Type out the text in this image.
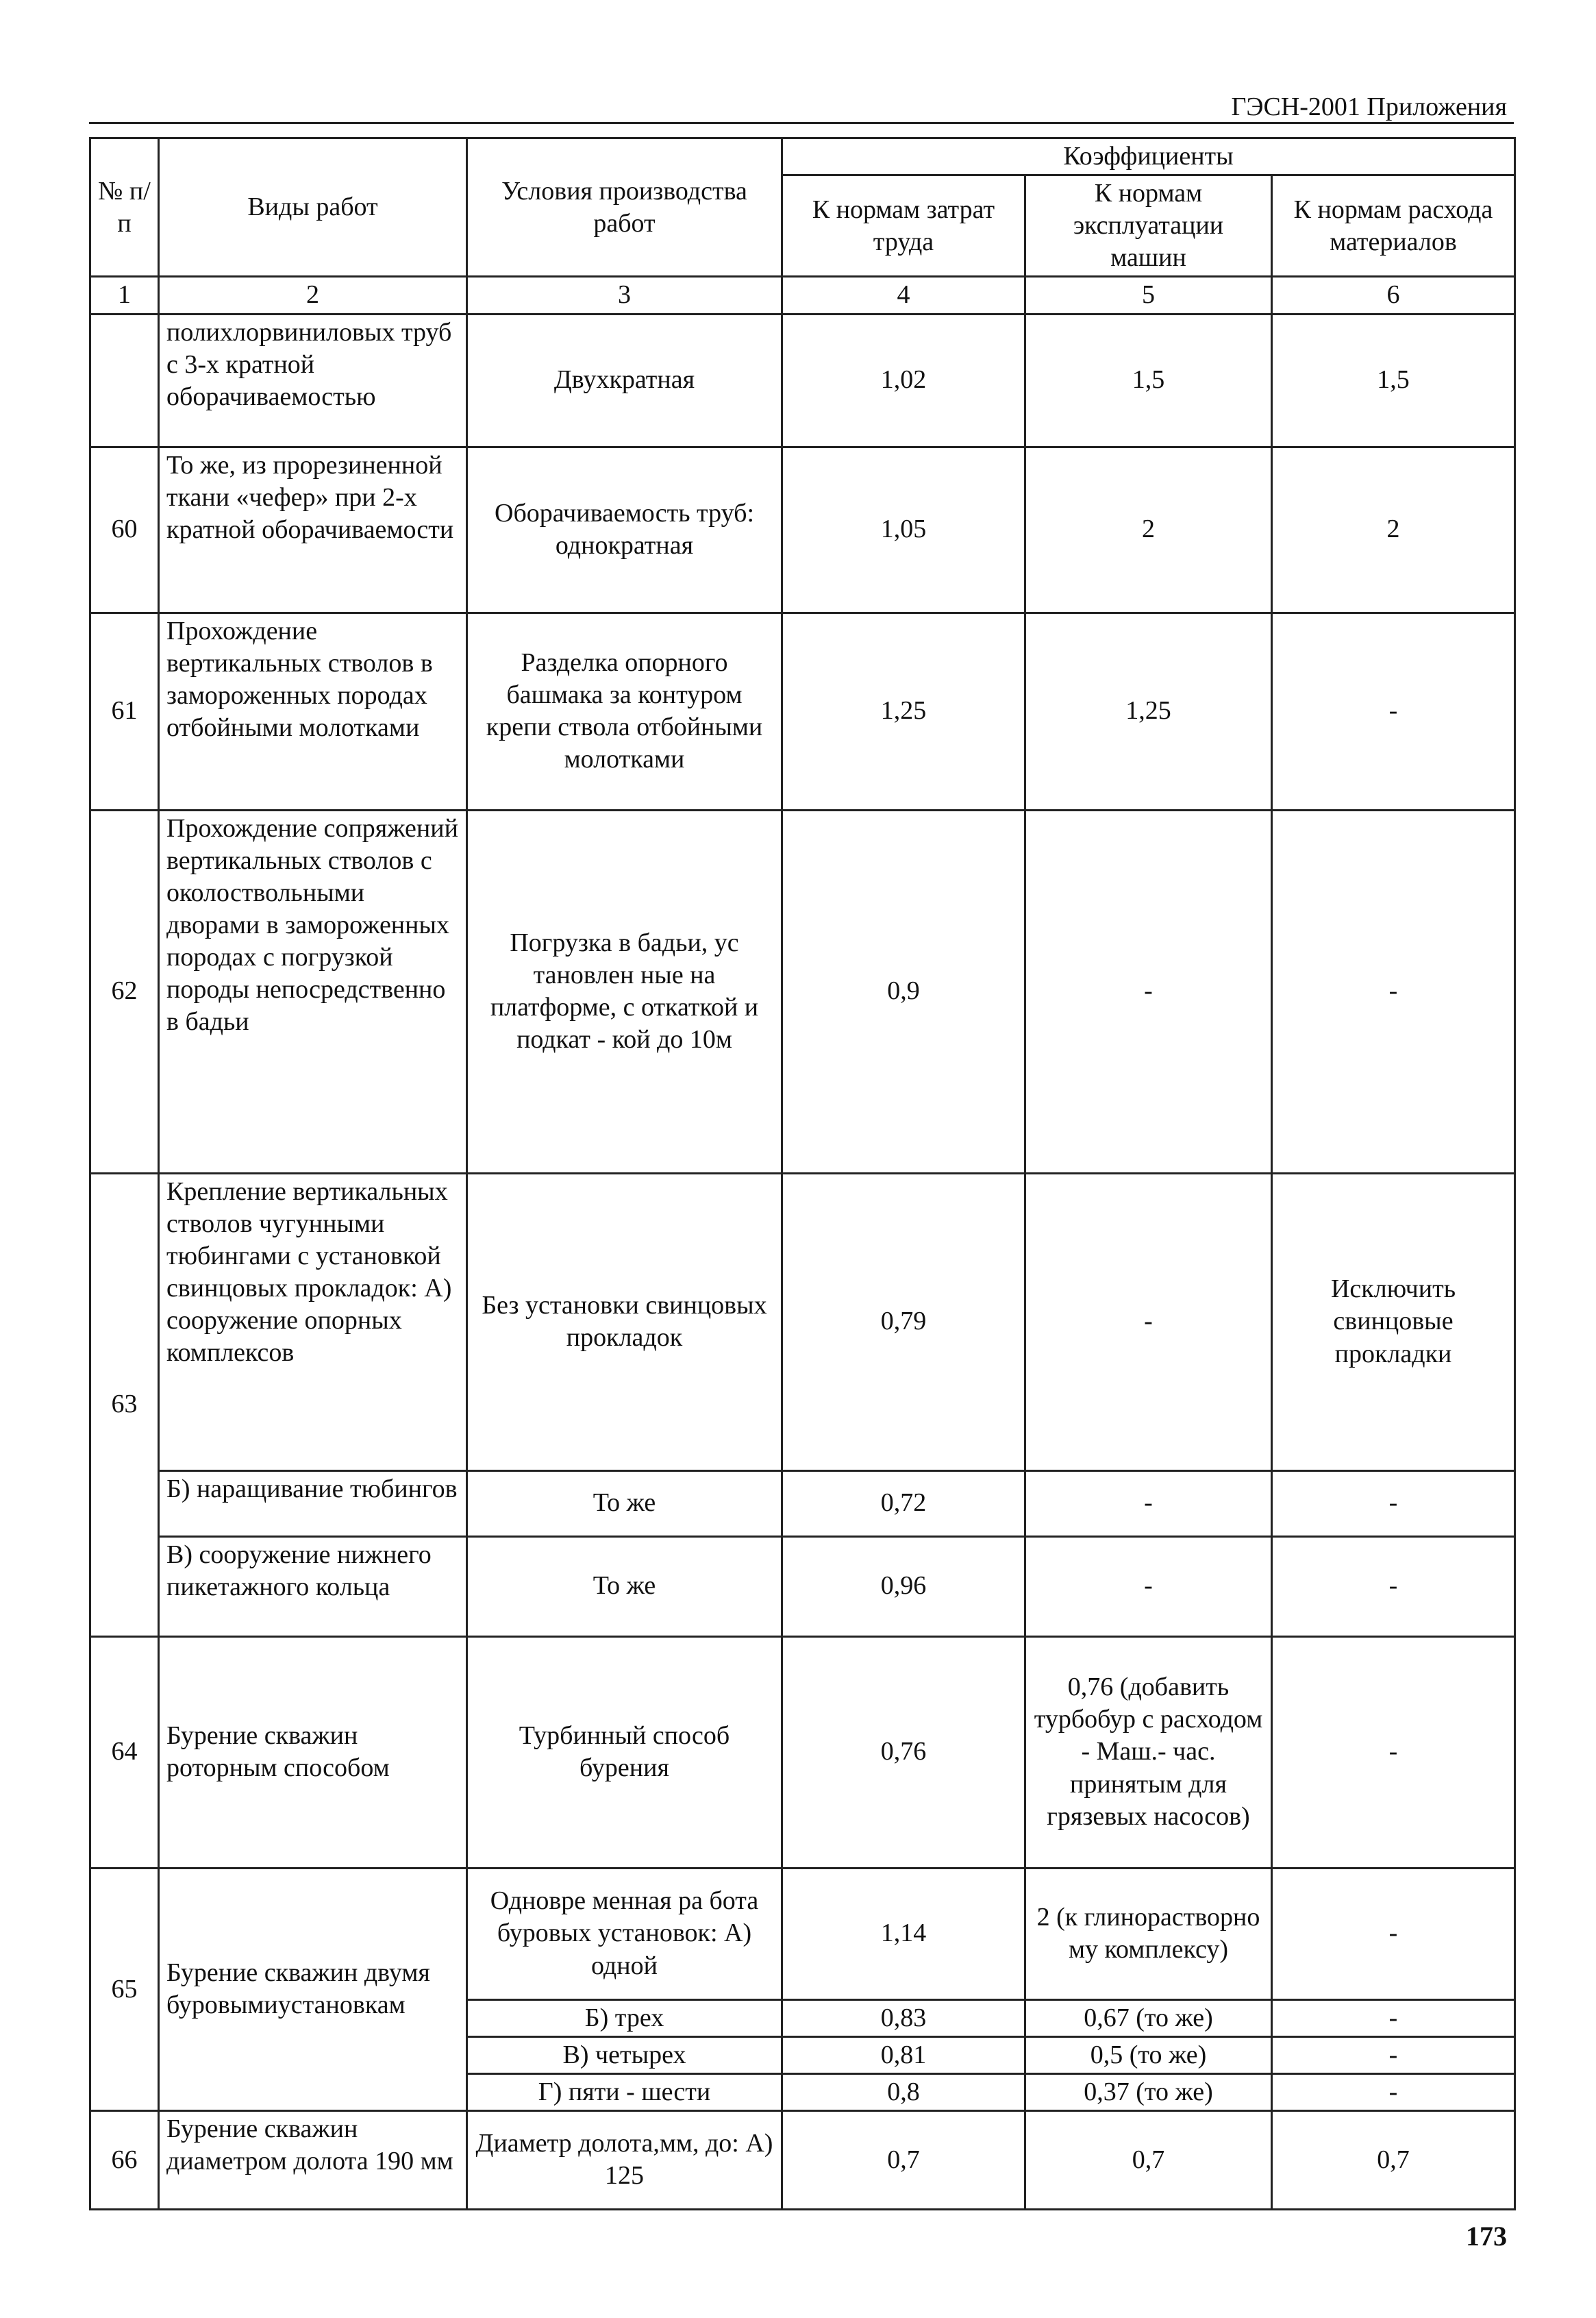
ГЭСН-2001 Приложения
№ п/п	Виды работ	Условия производства работ	Коэффициенты		
			К нормам затрат труда	К нормам эксплуатации машин	К нормам расхода материалов
1	2	3	4	5	6
	полихлорвиниловых труб с 3-х кратной оборачиваемостью	Двухкратная	1,02	1,5	1,5
60	То же, из прорезиненной ткани «чефер» при 2-х кратной оборачиваемости	Оборачиваемость труб: однократная	1,05	2	2
61	Прохождение вертикальных стволов в замороженных породах отбойными молотками	Разделка опорного башмака за контуром крепи ствола отбойными молотками	1,25	1,25	-
62	Прохождение сопряжений вертикальных стволов с околоствольными дворами в замороженных породах с погрузкой породы непосредственно в бадьи	Погрузка в бадьи, ус тановлен ные на платформе, с откаткой и подкат - кой до 10м	0,9	-	-
63	Крепление вертикальных стволов чугунными тюбингами с установкой свинцовых прокладок: А) сооружение опорных комплексов	Без установки свинцовых прокладок	0,79	-	Исключить свинцовые прокладки
	Б) наращивание тюбингов	То же	0,72	-	-
	В) сооружение нижнего пикетажного кольца	То же	0,96	-	-
64	Бурение скважин роторным способом	Турбинный способ бурения	0,76	0,76 (добавить турбобур с расходом - Маш.- час. принятым для грязевых насосов)	-
65	Бурение скважин двумя буровымиустановкам	Одновре менная ра бота буровых установок: А) одной	1,14	2 (к глинорастворно му комплексу)	-
		Б) трех	0,83	0,67 (то же)	-
		В) четырех	0,81	0,5 (то же)	-
		Г) пяти - шести	0,8	0,37 (то же)	-
66	Бурение скважин диаметром долота 190 мм	Диаметр долота,мм, до: А) 125	0,7	0,7	0,7
173
